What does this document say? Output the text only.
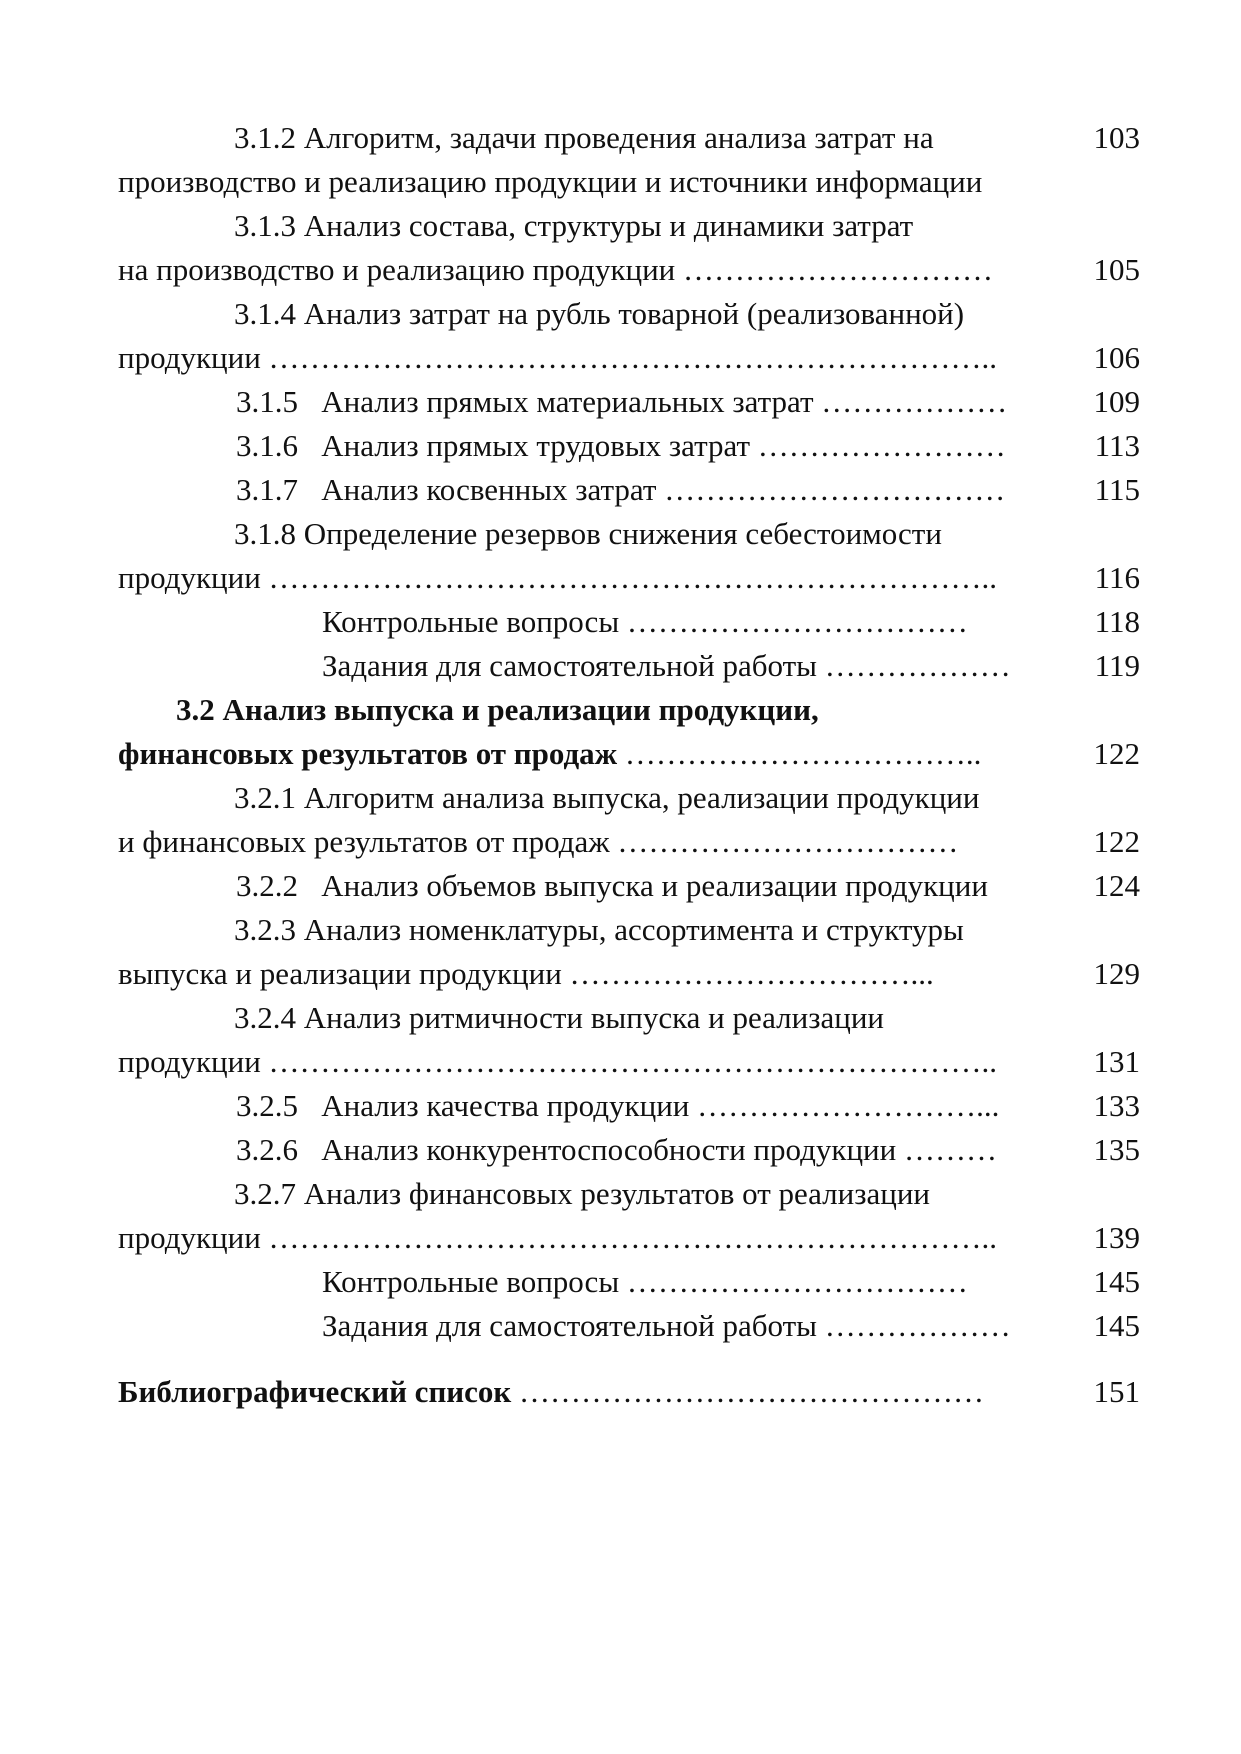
3.1.2 Алгоритм, задачи проведения анализа затрат на	103
производство и реализацию продукции и источники информации
3.1.3 Анализ состава, структуры и динамики затрат
на производство и реализацию продукции …………………………	105
3.1.4 Анализ затрат на рубль товарной (реализованной)
продукции ……………………………………………………………..	106
3.1.5   Анализ прямых материальных затрат ………………	109
3.1.6   Анализ прямых трудовых затрат ……………………	113
3.1.7   Анализ косвенных затрат ……………………………	115
3.1.8 Определение резервов снижения себестоимости
продукции ……………………………………………………………..	116
Контрольные вопросы ……………………………	118
Задания для самостоятельной работы ………………	119
3.2 Анализ выпуска и реализации продукции,
финансовых результатов от продаж ……………………………..	122
3.2.1 Алгоритм анализа выпуска, реализации продукции
и финансовых результатов от продаж ……………………………	122
3.2.2   Анализ объемов выпуска и реализации продукции	124
3.2.3 Анализ номенклатуры, ассортимента и структуры
выпуска и реализации продукции ……………………………...	129
3.2.4 Анализ ритмичности выпуска и реализации
продукции ……………………………………………………………..	131
3.2.5   Анализ качества продукции ………………………...	133
3.2.6   Анализ конкурентоспособности продукции ………	135
3.2.7 Анализ финансовых результатов от реализации
продукции ……………………………………………………………..	139
Контрольные вопросы ……………………………	145
Задания для самостоятельной работы ………………	145
Библиографический список ………………………………………	151
